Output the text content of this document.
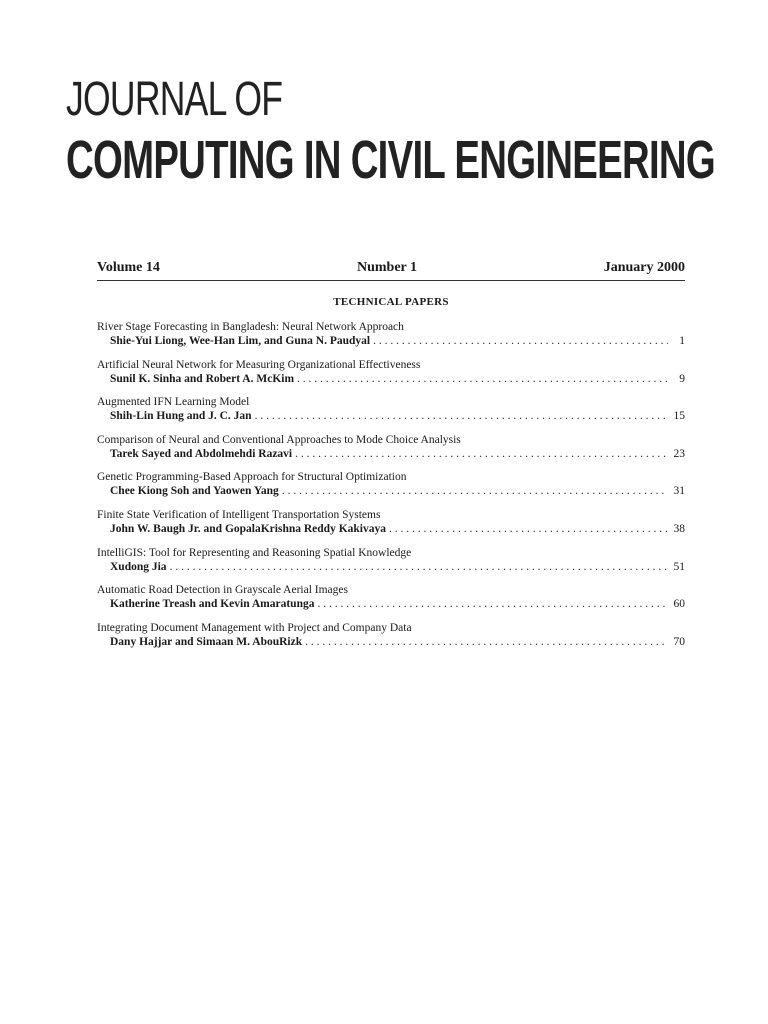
JOURNAL OF
COMPUTING IN CIVIL ENGINEERING
Volume 14	Number 1	January 2000
TECHNICAL PAPERS
River Stage Forecasting in Bangladesh: Neural Network Approach
Shie-Yui Liong, Wee-Han Lim, and Guna N. Paudyal . . .	1
Artificial Neural Network for Measuring Organizational Effectiveness
Sunil K. Sinha and Robert A. McKim . . .	9
Augmented IFN Learning Model
Shih-Lin Hung and J. C. Jan . . .	15
Comparison of Neural and Conventional Approaches to Mode Choice Analysis
Tarek Sayed and Abdolmehdi Razavi . . .	23
Genetic Programming-Based Approach for Structural Optimization
Chee Kiong Soh and Yaowen Yang . . .	31
Finite State Verification of Intelligent Transportation Systems
John W. Baugh Jr. and GopalaKrishna Reddy Kakivaya . . .	38
IntelliGIS: Tool for Representing and Reasoning Spatial Knowledge
Xudong Jia . . .	51
Automatic Road Detection in Grayscale Aerial Images
Katherine Treash and Kevin Amaratunga . . .	60
Integrating Document Management with Project and Company Data
Dany Hajjar and Simaan M. AbouRizk . . .	70
